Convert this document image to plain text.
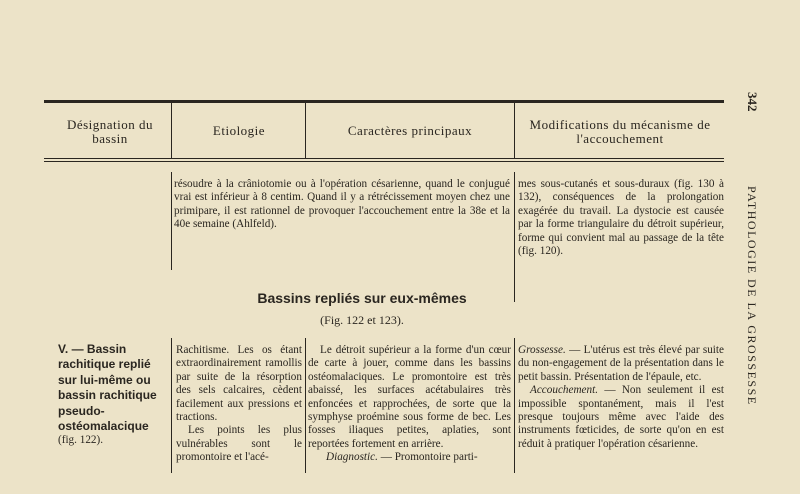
Désignation du bassin
Etiologie	Caractères principaux	Modifications du mécanisme de l'accouchement

résoudre à la crâniotomie ou à l'opération césarienne, quand le conjugué vrai est inférieur à 8 centim. Quand il y a rétrécissement moyen chez une primipare, il est rationnel de provoquer l'accouchement entre la 38e et la 40e semaine (Ahlfeld).

mes sous-cutanés et sous-duraux (fig. 130 à 132), conséquences de la prolongation exagérée du travail. La dystocie est causée par la forme triangulaire du détroit supérieur, forme qui convient mal au passage de la tête (fig. 120).

Bassins repliés sur eux-mêmes
(Fig. 122 et 123).
V. — Bassin rachitique replié sur lui-même ou bassin rachitique pseudo-ostéomalacique (fig. 122).

Rachitisme. Les os étant extraordinairement ramollis par suite de la résorption des sels calcaires, cèdent facilement aux pressions et tractions.

Les points les plus vulnérables sont le promontoire et l'acé-

Le détroit supérieur a la forme d'un cœur de carte à jouer, comme dans les bassins ostéomalaciques. Le promontoire est très abaissé, les surfaces acétabulaires très enfoncées et rapprochées, de sorte que la symphyse proémine sous forme de bec. Les fosses iliaques petites, aplaties, sont reportées fortement en arrière.

Diagnostic. — Promontoire parti-

Grossesse. — L'utérus est très élevé par suite du non-engagement de la présentation dans le petit bassin. Présentation de l'épaule, etc.

Accouchement. — Non seulement il est impossible spontanément, mais il l'est presque toujours même avec l'aide des instruments fœticides, de sorte qu'on en est réduit à pratiquer l'opération césarienne.

342
PATHOLOGIE DE LA GROSSESSE
